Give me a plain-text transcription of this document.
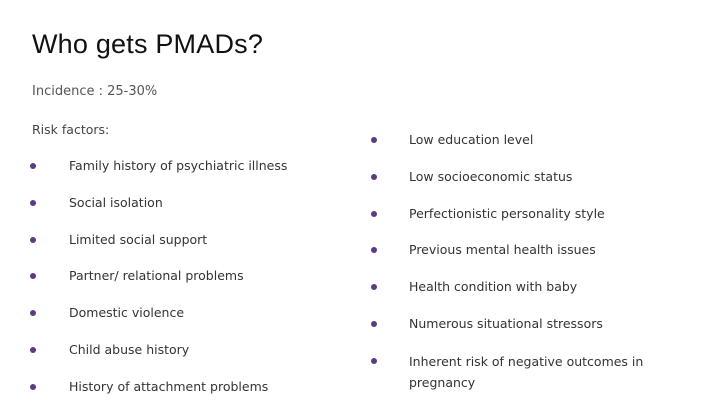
Who gets PMADs?
Incidence : 25-30%
Risk factors:
Family history of psychiatric illness
Social isolation
Limited social support
Partner/ relational problems
Domestic violence
Child abuse history
History of attachment problems
Low education level
Low socioeconomic status
Perfectionistic personality style
Previous mental health issues
Health condition with baby
Numerous situational stressors
Inherent risk of negative outcomes in pregnancy
